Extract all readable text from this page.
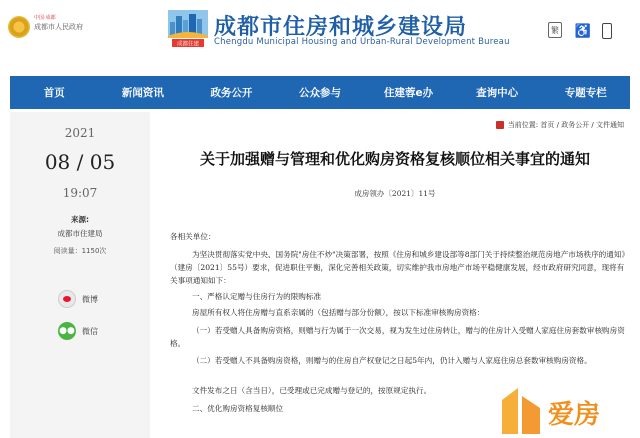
中国·成都
成都市人民政府
成都住建
成都市住房和城乡建设局
Chengdu Municipal Housing and Urban-Rural Development Bureau
繁 ♿
首页	新闻资讯	政务公开	公众参与	住建蓉e办	查询中心	专题专栏
2021
08 / 05
19:07
来源:
成都市住建局
阅读量：1150次
微博
●● 微信
当前位置: 首页 / 政务公开 / 文件通知
关于加强赠与管理和优化购房资格复核顺位相关事宜的通知
成房领办〔2021〕11号
各相关单位：
为坚决贯彻落实党中央、国务院"房住不炒"决策部署，按照《住房和城乡建设部等8部门关于持续整治规范房地产市场秩序的通知》（建房〔2021〕55号）要求，促进职住平衡，深化完善相关政策，切实维护我市房地产市场平稳健康发展，经市政府研究同意，现将有关事项通知如下：
一、严格认定赠与住房行为的限购标准
房屋所有权人将住房赠与直系亲属的（包括赠与部分份额），按以下标准审核购房资格：
（一）若受赠人具备购房资格，则赠与行为属于一次交易，视为发生过住房转让，赠与的住房计入受赠人家庭住房套数审核购房资格。
（二）若受赠人不具备购房资格，则赠与的住房自产权登记之日起5年内，仍计入赠与人家庭住房总套数审核购房资格。
文件发布之日（含当日），已受理或已完成赠与登记的，按原规定执行。
二、优化购房资格复核顺位	爱房
